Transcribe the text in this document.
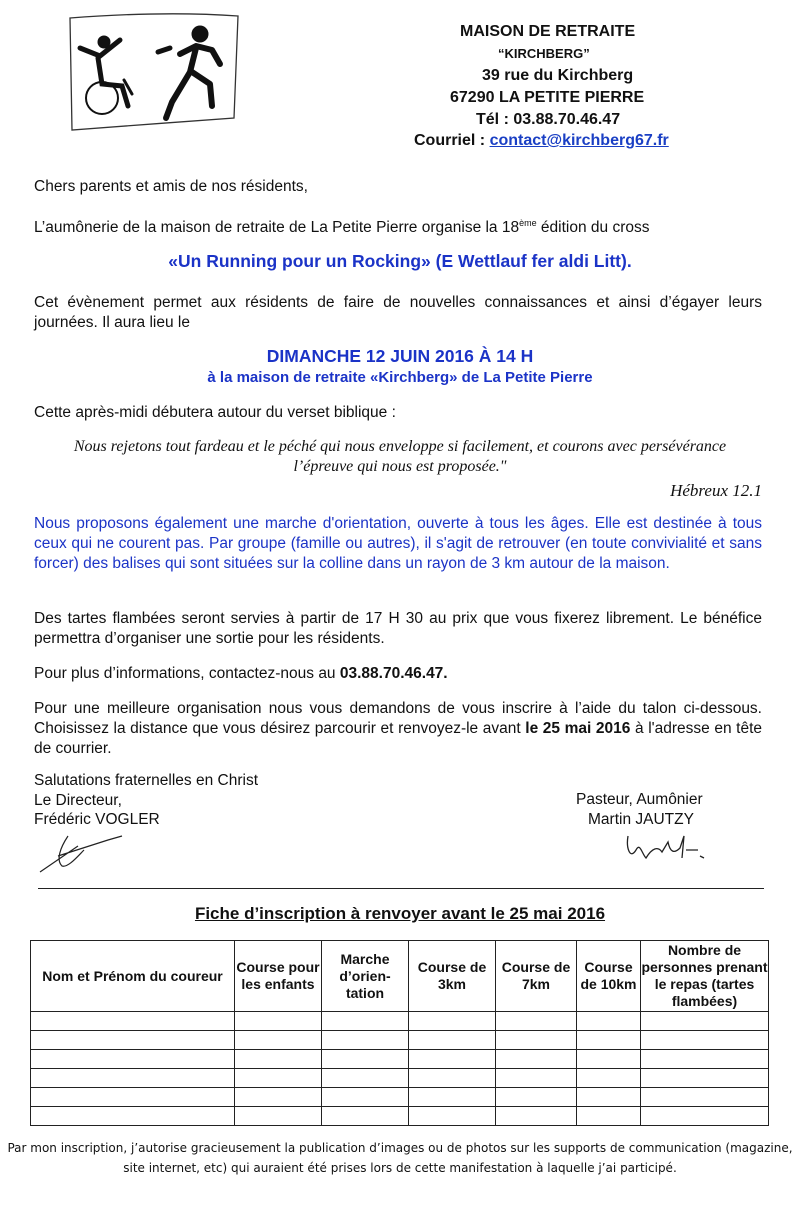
MAISON DE RETRAITE
“KIRCHBERG”
39 rue du Kirchberg
67290 LA PETITE PIERRE
Tél : 03.88.70.46.47
Courriel : contact@kirchberg67.fr
Chers parents et amis de nos résidents,
L’aumônerie de la maison de retraite de La Petite Pierre organise la 18ème édition du cross
«Un Running pour un Rocking» (E Wettlauf fer aldi Litt).
Cet évènement permet aux résidents de faire de nouvelles connaissances et ainsi d’égayer leurs journées. Il aura lieu le
DIMANCHE 12 JUIN 2016 À 14 H
à la maison de retraite «Kirchberg» de La Petite Pierre
Cette après-midi débutera autour du verset biblique :
Nous rejetons tout fardeau et le péché qui nous enveloppe si facilement, et courons avec persévérance
l’épreuve qui nous est proposée."
Hébreux 12.1
Nous proposons également une marche d'orientation, ouverte à tous les âges. Elle est destinée à tous ceux qui ne courent pas. Par groupe (famille ou autres), il s'agit de retrouver (en toute convivialité et sans forcer) des balises qui sont situées sur la colline dans un rayon de 3 km autour de la maison.
Des tartes flambées seront servies à partir de 17 H 30 au prix que vous fixerez librement. Le bénéfice permettra d’organiser une sortie pour les résidents.
Pour plus d’informations, contactez-nous au 03.88.70.46.47.
Pour une meilleure organisation nous vous demandons de vous inscrire à l’aide du talon ci-dessous. Choisissez la distance que vous désirez parcourir et renvoyez-le avant le 25 mai 2016 à l'adresse en tête de courrier.
Salutations fraternelles en Christ
Le Directeur,
Frédéric VOGLER
Pasteur, Aumônier
Martin JAUTZY
Fiche d’inscription à renvoyer avant le 25 mai 2016
Nom et Prénom du coureur	Course pour les enfants	Marche d’orien-tation	Course de 3km	Course de 7km	Course de 10km	Nombre de personnes prenant le repas (tartes flambées)

Par mon inscription, j’autorise gracieusement la publication d’images ou de photos sur les supports de communication (magazine, site internet, etc) qui auraient été prises lors de cette manifestation à laquelle j’ai participé.
